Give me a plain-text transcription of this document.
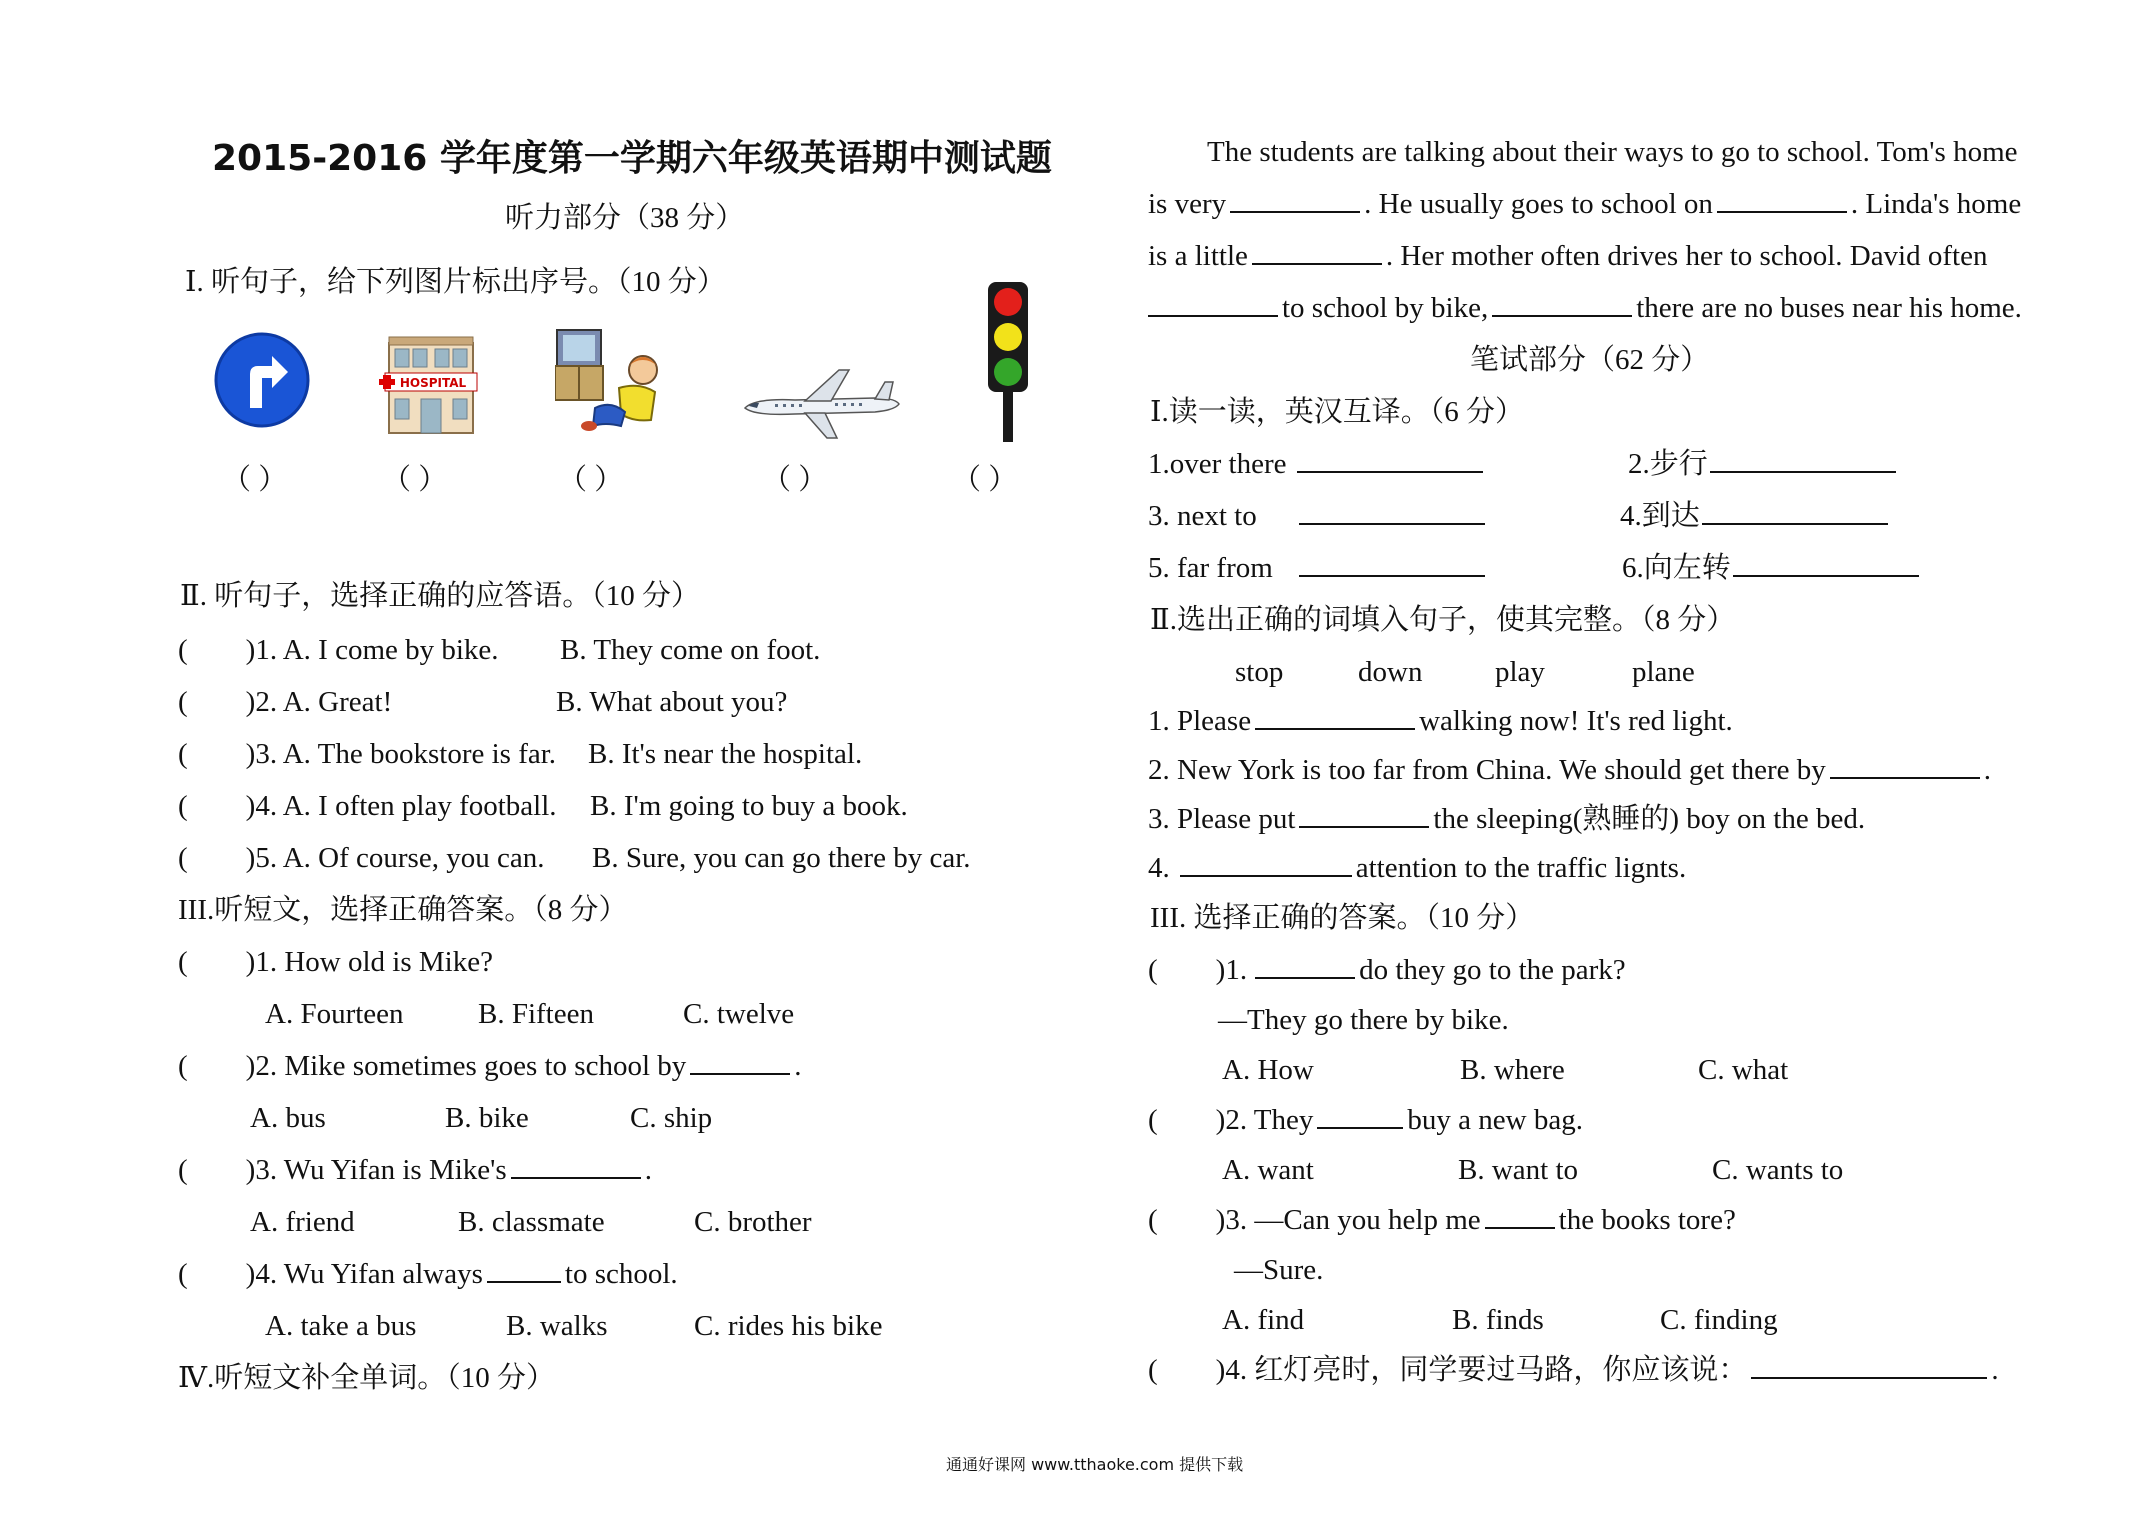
2015-2016 学年度第一学期六年级英语期中测试题
听力部分（38 分）
Ⅰ. 听句子，给下列图片标出序号。（10 分）
HOSPITAL
（ ）	（ ）	（ ）	（ ）	（ ）
Ⅱ. 听句子，选择正确的应答语。（10 分）
( )1. A. I come by bike. B. They come on foot.
( )2. A. Great!	B. What about you?
( )3. A. The bookstore is far. B. It's near the hospital.
( )4. A. I often play football. B. I'm going to buy a book.
( )5. A. Of course, you can. B. Sure, you can go there by car.
III.听短文，选择正确答案。（8 分）
( )1. How old is Mike?
A. Fourteen	B. Fifteen	C. twelve
( )2. Mike sometimes goes to school by	.
A. bus	B. bike	C. ship
( )3. Wu Yifan is Mike's	.
A. friend	B. classmate	C. brother
( )4. Wu Yifan always	to school.
A. take a bus	B. walks	C. rides his bike
Ⅳ.听短文补全单词。（10 分）
The students are talking about their ways to go to school. Tom's home
is very	. He usually goes to school on	. Linda's home
is a little	. Her mother often drives her to school. David often
to school by bike,	there are no buses near his home.
笔试部分（62 分）
Ⅰ.读一读，英汉互译。（6 分）
1.over there	2.步行
3. next to	4.到达
5. far from	6.向左转
Ⅱ.选出正确的词填入句子，使其完整。（8 分）
stop	down	play	plane
1. Please	walking now! It's red light.
2. New York is too far from China. We should get there by	.
3. Please put	the sleeping(熟睡的) boy on the bed.
4.	attention to the traffic lignts.
III. 选择正确的答案。（10 分）
( )1.	do they go to the park?
—They go there by bike.
A. How	B. where	C. what
( )2. They	buy a new bag.
A. want	B. want to	C. wants to
( )3. —Can you help me	the books tore?
—Sure.
A. find	B. finds	C. finding
( )4. 红灯亮时，同学要过马路，你应该说：	.
通通好课网 www.tthaoke.com 提供下载
